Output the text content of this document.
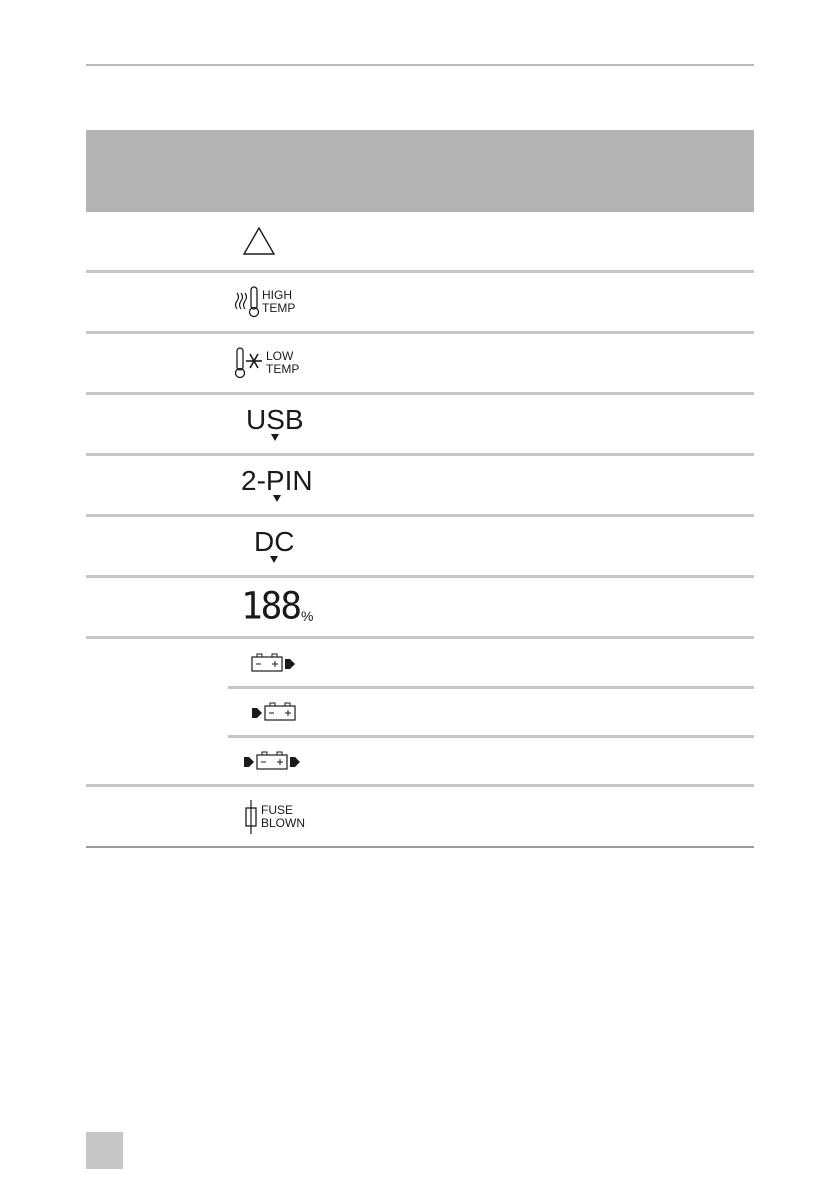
HIGH
TEMP
LOW
TEMP
USB
2-PIN
DC
188 %
FUSE
BLOWN
